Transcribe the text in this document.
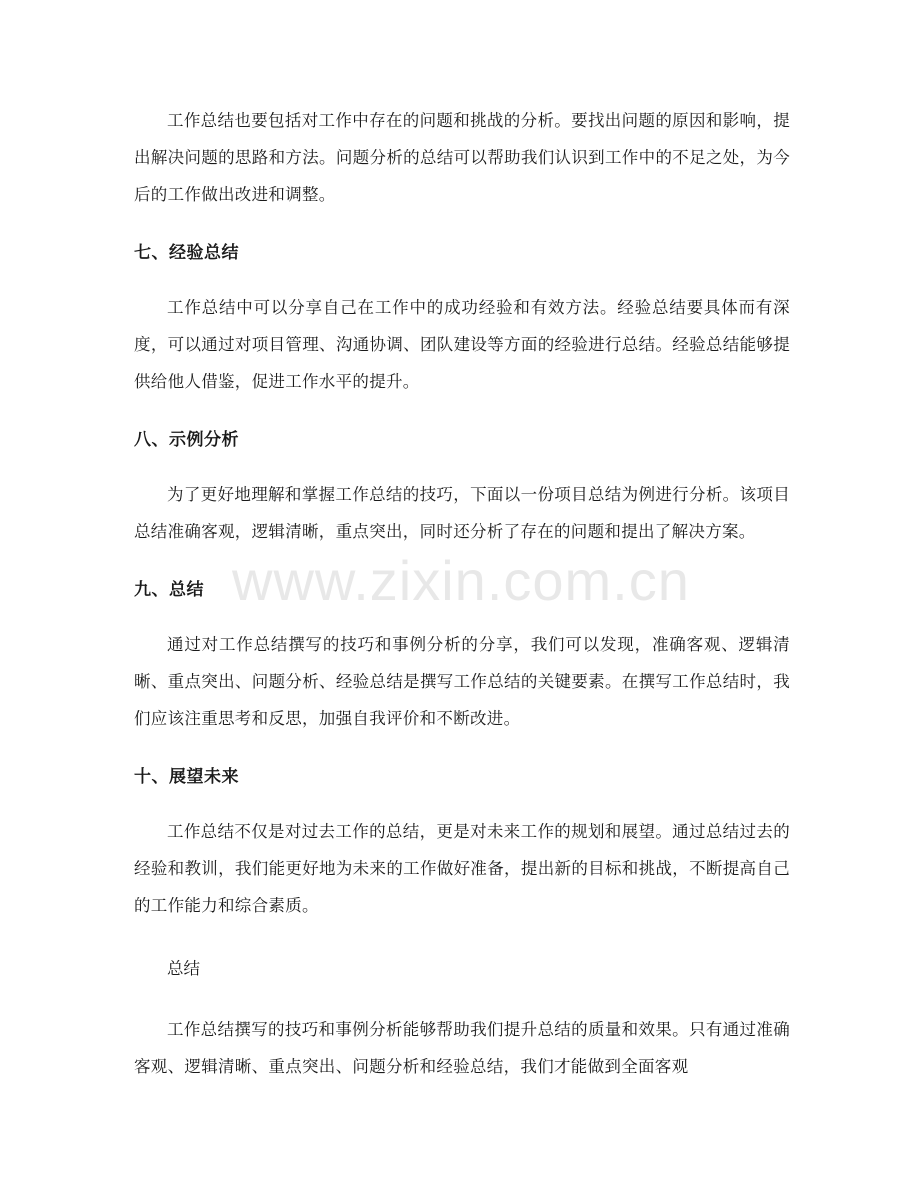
工作总结也要包括对工作中存在的问题和挑战的分析。要找出问题的原因和影响，提出解决问题的思路和方法。问题分析的总结可以帮助我们认识到工作中的不足之处，为今后的工作做出改进和调整。

七、经验总结

工作总结中可以分享自己在工作中的成功经验和有效方法。经验总结要具体而有深度，可以通过对项目管理、沟通协调、团队建设等方面的经验进行总结。经验总结能够提供给他人借鉴，促进工作水平的提升。

八、示例分析

为了更好地理解和掌握工作总结的技巧，下面以一份项目总结为例进行分析。该项目总结准确客观，逻辑清晰，重点突出，同时还分析了存在的问题和提出了解决方案。

九、总结

通过对工作总结撰写的技巧和事例分析的分享，我们可以发现，准确客观、逻辑清晰、重点突出、问题分析、经验总结是撰写工作总结的关键要素。在撰写工作总结时，我们应该注重思考和反思，加强自我评价和不断改进。

十、展望未来

工作总结不仅是对过去工作的总结，更是对未来工作的规划和展望。通过总结过去的经验和教训，我们能更好地为未来的工作做好准备，提出新的目标和挑战，不断提高自己的工作能力和综合素质。

总结

工作总结撰写的技巧和事例分析能够帮助我们提升总结的质量和效果。只有通过准确客观、逻辑清晰、重点突出、问题分析和经验总结，我们才能做到全面客观

www.zixin.com.cn
